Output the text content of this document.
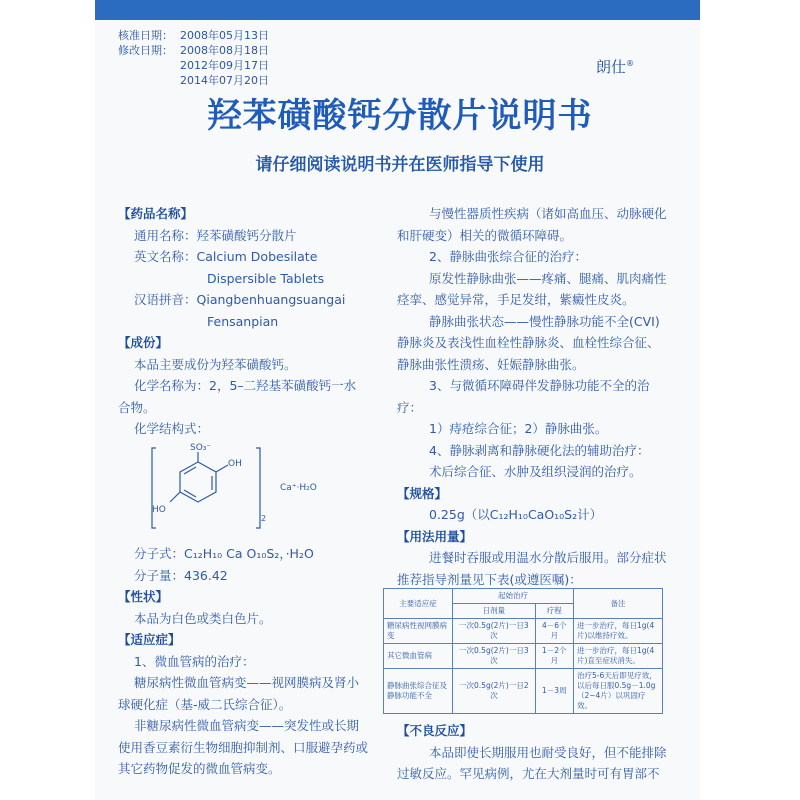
核准日期： 2008年05月13日
修改日期： 2008年08月18日
2012年09月17日
2014年07月20日
朗仕®
羟苯磺酸钙分散片说明书
请仔细阅读说明书并在医师指导下使用

【药品名称】

通用名称：羟苯磺酸钙分散片

英文名称：Calcium Dobesilate

Dispersible Tablets

汉语拼音：Qiangbenhuangsuangai

Fensanpian

【成份】

本品主要成份为羟苯磺酸钙。

化学名称为：2，5–二羟基苯磺酸钙一水

合物。

化学结构式：

SO₃⁻
OH
HO
2
Ca⁺·H₂O

分子式：C₁₂H₁₀ Ca O₁₀S₂，·H₂O

分子量：436.42

【性状】

本品为白色或类白色片。

【适应症】

1、微血管病的治疗：

糖尿病性微血管病变——视网膜病及肾小

球硬化症（基-威二氏综合征）。

非糖尿病性微血管病变——突发性或长期

使用香豆素衍生物细胞抑制剂、口服避孕药或

其它药物促发的微血管病变。

与慢性器质性疾病（诸如高血压、动脉硬化

和肝硬变）相关的微循环障碍。

2、静脉曲张综合征的治疗：

原发性静脉曲张——疼痛、腿痛、肌肉痛性

痉挛、感觉异常，手足发绀，紫癜性皮炎。

静脉曲张状态——慢性静脉功能不全(CVI)

静脉炎及表浅性血栓性静脉炎、血栓性综合征、

静脉曲张性溃疡、妊娠静脉曲张。

3、与微循环障碍伴发静脉功能不全的治

疗：

1）痔疮综合征；2）静脉曲张。

4、静脉剥离和静脉硬化法的辅助治疗：

术后综合征、水肿及组织浸润的治疗。

【规格】

0.25g（以C₁₂H₁₀CaO₁₀S₂计）

【用法用量】

进餐时吞服或用温水分散后服用。部分症状

推荐指导剂量见下表(或遵医嘱)：

主要适应症	起始治疗		备注
	日剂量	疗程	
糖尿病性视网膜病变	一次0.5g(2片)一日3次	4－6个月	进一步治疗，每日1g(4片)以维持疗效。
其它微血管病	一次0.5g(2片)一日3次	1－2个月	进一步治疗，每日1g(4片)直至症状消失。
静脉曲张综合征及静脉功能不全	一次0.5g(2片)一日2次	1－3周	治疗5-6天后即见疗效，以后每日服0.5g－1.0g（2~4片）以巩固疗效。

【不良反应】

本品即使长期服用也耐受良好，但不能排除

过敏反应。罕见病例，尤在大剂量时可有胃部不
